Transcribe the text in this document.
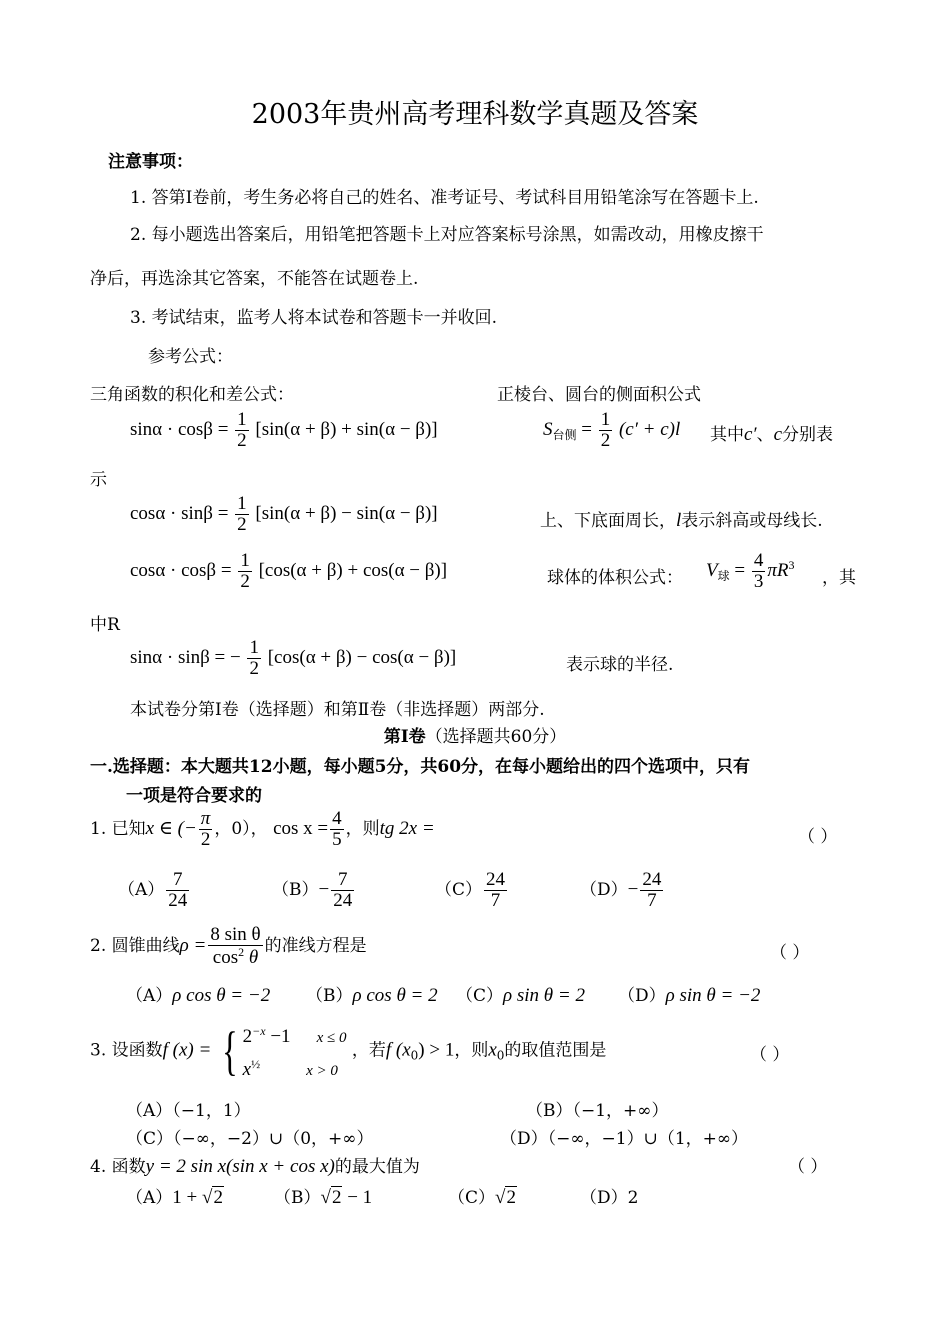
2003年贵州高考理科数学真题及答案
注意事项：
1. 答第Ⅰ卷前，考生务必将自己的姓名、准考证号、考试科目用铅笔涂写在答题卡上.
2. 每小题选出答案后，用铅笔把答题卡上对应答案标号涂黑，如需改动，用橡皮擦干
净后，再选涂其它答案，不能答在试题卷上.
3. 考试结束，监考人将本试卷和答题卡一并收回.
参考公式：
三角函数的积化和差公式：	正棱台、圆台的侧面积公式
$\sin\alpha \cdot \cos\beta = \frac{1}{2} [\sin(\alpha + \beta) + \sin(\alpha - \beta)]$	$S_{台侧} = \frac{1}{2} (c' + c)l$ 其中c′、c分别表
示
$\cos\alpha \cdot \sin\beta = \frac{1}{2} [\sin(\alpha + \beta) - \sin(\alpha - \beta)]$	上、下底面周长，l表示斜高或母线长.
$\cos\alpha \cdot \cos\beta = \frac{1}{2} [\cos(\alpha + \beta) + \cos(\alpha - \beta)]$	球体的体积公式： $V_球 = \frac{4}{3} \pi R^3$
，其
中R
sinα · sinβ = − $\frac{1}{2} [\cos(\alpha + \beta) - \cos(\alpha - \beta)]$	表示球的半径.
本试卷分第Ⅰ卷（选择题）和第Ⅱ卷（非选择题）两部分.
第Ⅰ卷（选择题共60分）
一.选择题：本大题共12小题，每小题5分，共60分，在每小题给出的四个选项中，只有
一项是符合要求的
1. 已知x ∈ (− $\frac{\pi}{2}$ ，0）， $\cos x = \frac{4}{5}$ ，则tg 2x =	（ ）
$(A) \frac{7}{24}$	$(B)- \frac{7}{24}$	$(C) \frac{24}{7}$	$(D)- \frac{24}{7}$
2. 圆锥曲线$\rho = \frac{\text{8 sin θ}}{\cos^2 \theta}$ 的准线方程是	（ ）
（A）ρ cos θ = −2 （B）ρ cos θ = 2 （C）ρ sin θ = 2 （D）ρ sin θ = −2
3. 设函数f (x) = { $2^{-x} -1$ x ≤ 0
$x^{\frac{1}{2}}$	x > 0
，若f $(x_0) > 1$，则$x_0$的取值范围是	（ ）
（A）（−1，1）	（B）（−1，+∞）
（C）（−∞，−2）∪（0，+∞）	（D）（−∞，−1）∪（1，+∞）
4. 函数y = 2 sin x(sin x + cos x)的最大值为	（ ）
（A）1 + √2	（B）√2 − 1	（C）√2	（D）2
